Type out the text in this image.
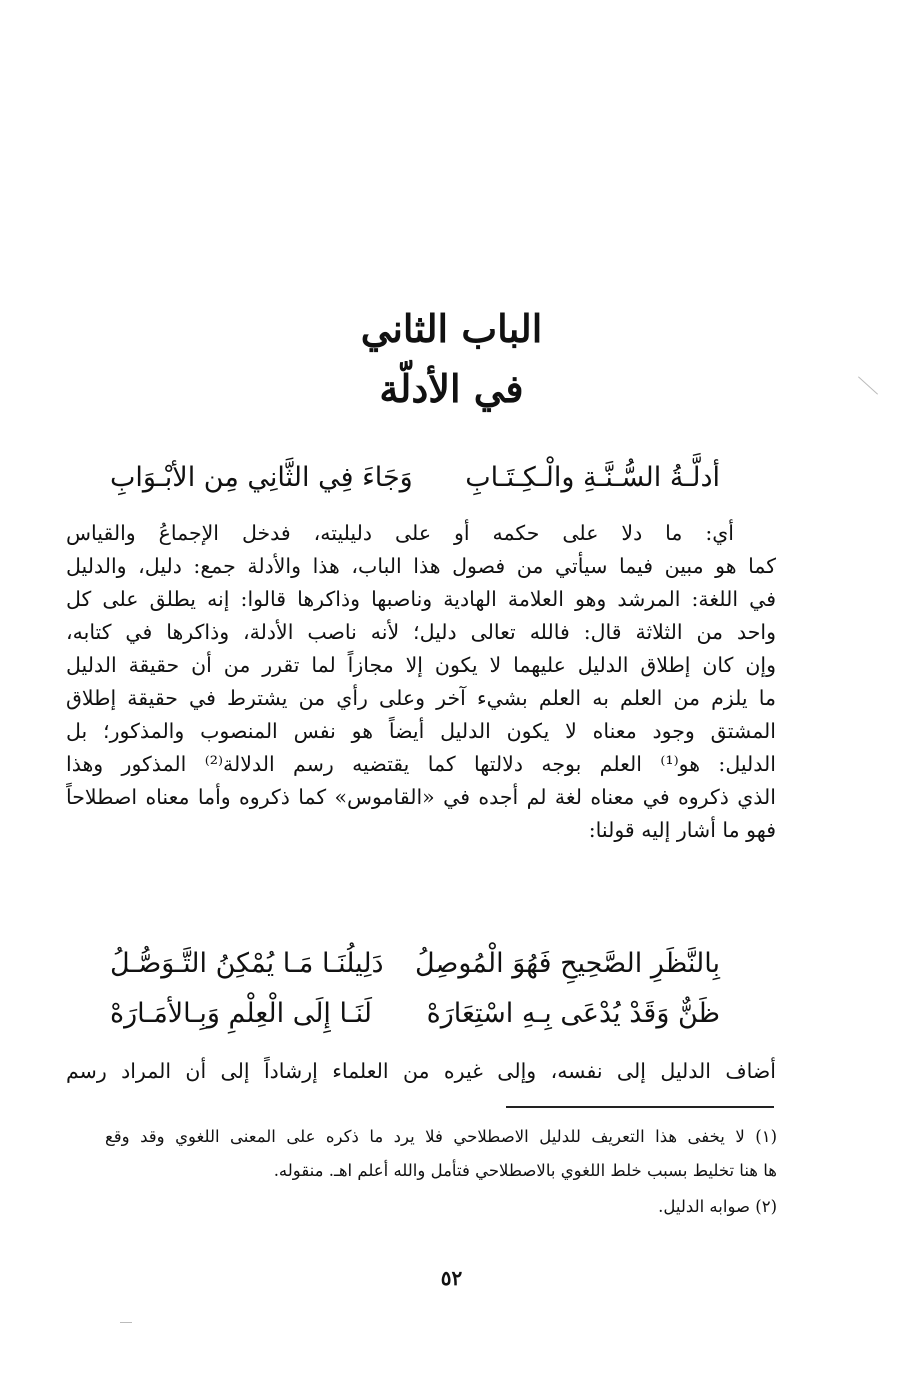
الباب الثاني
في الأدلّة
وَجَاءَ فِي الثَّانِي مِن الأبْـوَابِ أدلَّـةُ السُّـنَّـةِ والْـكِـتَـابِ
أي: ما دلا على حكمه أو على دليليته، فدخل الإجماعُ والقياس
كما هو مبين فيما سيأتي من فصول هذا الباب، هذا والأدلة جمع: دليل، والدليل
في اللغة: المرشد وهو العلامة الهادية وناصبها وذاكرها قالوا: إنه يطلق على كل
واحد من الثلاثة قال: فالله تعالى دليل؛ لأنه ناصب الأدلة، وذاكرها في كتابه،
وإن كان إطلاق الدليل عليهما لا يكون إلا مجازاً لما تقرر من أن حقيقة الدليل
ما يلزم من العلم به العلم بشيء آخر وعلى رأي من يشترط في حقيقة إطلاق
المشتق وجود معناه لا يكون الدليل أيضاً هو نفس المنصوب والمذكور؛ بل
الدليل: هو⁽¹⁾ العلم بوجه دلالتها كما يقتضيه رسم الدلالة⁽²⁾ المذكور وهذا
الذي ذكروه في معناه لغة لم أجده في «القاموس» كما ذكروه وأما معناه اصطلاحاً
فهو ما أشار إليه قولنا:
دَلِيلُنَـا مَـا يُمْكِنُ التَّـوَصُّـلُ بِالنَّظَرِ الصَّحِيحِ فَهُوَ الْمُوصِلُ
لَنَـا إِلَى الْعِلْمِ وَبِـالأمَـارَهْ ظَنٌّ وَقَدْ يُدْعَى بِـهِ اسْتِعَارَهْ
أضاف الدليل إلى نفسه، وإلى غيره من العلماء إرشاداً إلى أن المراد رسم
(١) لا يخفى هذا التعريف للدليل الاصطلاحي فلا يرد ما ذكره على المعنى اللغوي وقد وقع
ها هنا تخليط بسبب خلط اللغوي بالاصطلاحي فتأمل والله أعلم اهـ. منقوله.
(٢) صوابه الدليل.
٥٢
